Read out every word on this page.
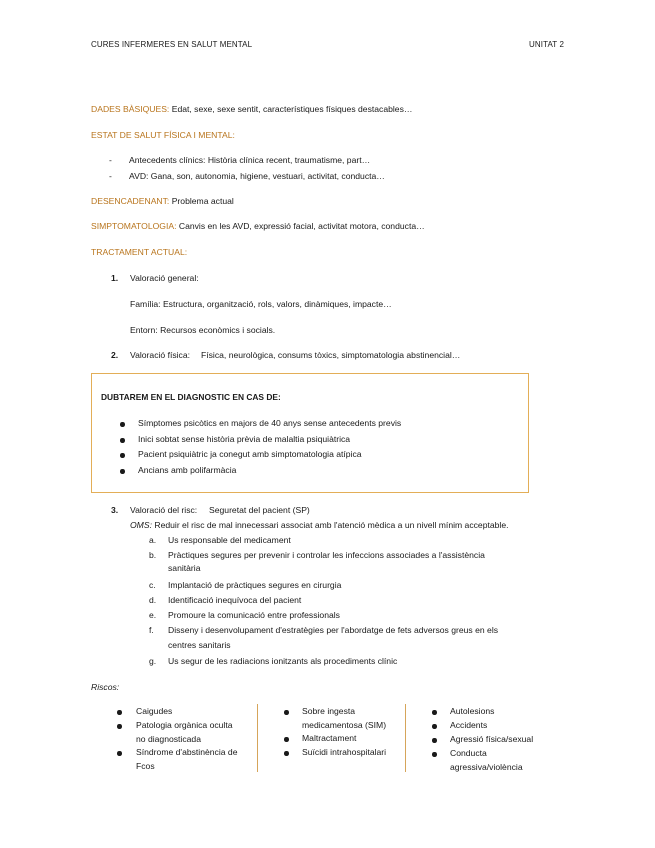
CURES INFERMERES EN SALUT MENTAL	UNITAT 2
DADES BÀSIQUES: Edat, sexe, sexe sentit, característiques físiques destacables…
ESTAT DE SALUT FÍSICA I MENTAL:
- Antecedents clínics: Història clínica recent, traumatisme, part…
- AVD: Gana, son, autonomia, higiene, vestuari, activitat, conducta…
DESENCADENANT: Problema actual
SIMPTOMATOLOGIA: Canvis en les AVD, expressió facial, activitat motora, conducta…
TRACTAMENT ACTUAL:
1. Valoració general:
Família: Estructura, organització, rols, valors, dinàmiques, impacte…
Entorn: Recursos econòmics i socials.
2. Valoració física: Física, neurològica, consums tòxics, simptomatologia abstinencial…
DUBTAREM EN EL DIAGNOSTIC EN CAS DE:
Símptomes psicòtics en majors de 40 anys sense antecedents previs
Inici sobtat sense història prèvia de malaltia psiquiàtrica
Pacient psiquiàtric ja conegut amb simptomatologia atípica
Ancians amb polifarmàcia
3. Valoració del risc: Seguretat del pacient (SP)
OMS: Reduir el risc de mal innecessari associat amb l'atenció mèdica a un nivell mínim acceptable.
a. Us responsable del medicament
b. Pràctiques segures per prevenir i controlar les infeccions associades a l'assistència
sanitària
c. Implantació de pràctiques segures en cirurgia
d. Identificació inequívoca del pacient
e. Promoure la comunicació entre professionals
f. Disseny i desenvolupament d'estratègies per l'abordatge de fets adversos greus en els
centres sanitaris
g. Us segur de les radiacions ionitzants als procediments clínic
Riscos:
Caigudes
Patologia orgànica oculta
no diagnosticada
Síndrome d'abstinència de
Fcos
Sobre ingesta
medicamentosa (SIM)
Maltractament
Suïcidi intrahospitalari
Autolesions
Accidents
Agressió física/sexual
Conducta
agressiva/violència
